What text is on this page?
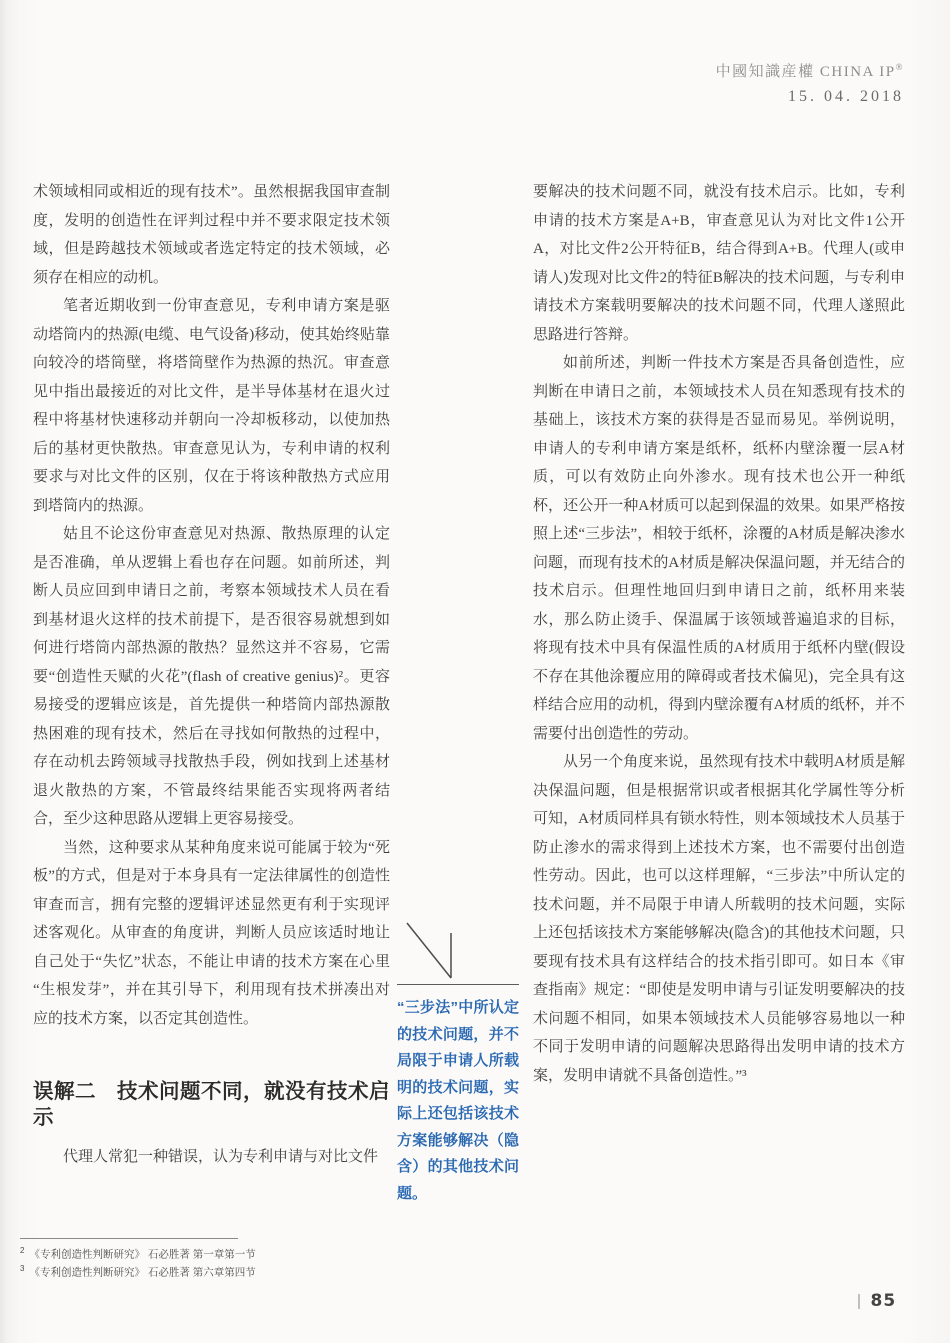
中國知識産權 CHINA IP®
15. 04. 2018

术领域相同或相近的现有技术”。虽然根据我国审查制度，发明的创造性在评判过程中并不要求限定技术领域，但是跨越技术领域或者选定特定的技术领域，必须存在相应的动机。

笔者近期收到一份审查意见，专利申请方案是驱动塔筒内的热源(电缆、电气设备)移动，使其始终贴靠向较冷的塔筒壁，将塔筒壁作为热源的热沉。审查意见中指出最接近的对比文件，是半导体基材在退火过程中将基材快速移动并朝向一冷却板移动，以使加热后的基材更快散热。审查意见认为，专利申请的权利要求与对比文件的区别，仅在于将该种散热方式应用到塔筒内的热源。

姑且不论这份审查意见对热源、散热原理的认定是否准确，单从逻辑上看也存在问题。如前所述，判断人员应回到申请日之前，考察本领域技术人员在看到基材退火这样的技术前提下，是否很容易就想到如何进行塔筒内部热源的散热？显然这并不容易，它需要“创造性天赋的火花”(flash of creative genius)²。更容易接受的逻辑应该是，首先提供一种塔筒内部热源散热困难的现有技术，然后在寻找如何散热的过程中，存在动机去跨领域寻找散热手段，例如找到上述基材退火散热的方案，不管最终结果能否实现将两者结合，至少这种思路从逻辑上更容易接受。

当然，这种要求从某种角度来说可能属于较为“死板”的方式，但是对于本身具有一定法律属性的创造性审查而言，拥有完整的逻辑评述显然更有利于实现评述客观化。从审查的角度讲，判断人员应该适时地让自己处于“失忆”状态，不能让申请的技术方案在心里“生根发芽”，并在其引导下，利用现有技术拼凑出对应的技术方案，以否定其创造性。

误解二　技术问题不同，就没有技术启示

代理人常犯一种错误，认为专利申请与对比文件

“三步法”中所认定的技术问题，并不局限于申请人所载明的技术问题，实际上还包括该技术方案能够解决（隐含）的其他技术问题。

要解决的技术问题不同，就没有技术启示。比如，专利申请的技术方案是A+B，审查意见认为对比文件1公开A，对比文件2公开特征B，结合得到A+B。代理人(或申请人)发现对比文件2的特征B解决的技术问题，与专利申请技术方案载明要解决的技术问题不同，代理人遂照此思路进行答辩。

如前所述，判断一件技术方案是否具备创造性，应判断在申请日之前，本领域技术人员在知悉现有技术的基础上，该技术方案的获得是否显而易见。举例说明，申请人的专利申请方案是纸杯，纸杯内壁涂覆一层A材质，可以有效防止向外渗水。现有技术也公开一种纸杯，还公开一种A材质可以起到保温的效果。如果严格按照上述“三步法”，相较于纸杯，涂覆的A材质是解决渗水问题，而现有技术的A材质是解决保温问题，并无结合的技术启示。但理性地回归到申请日之前，纸杯用来装水，那么防止烫手、保温属于该领域普遍追求的目标，将现有技术中具有保温性质的A材质用于纸杯内壁(假设不存在其他涂覆应用的障碍或者技术偏见)，完全具有这样结合应用的动机，得到内壁涂覆有A材质的纸杯，并不需要付出创造性的劳动。

从另一个角度来说，虽然现有技术中载明A材质是解决保温问题，但是根据常识或者根据其化学属性等分析可知，A材质同样具有锁水特性，则本领域技术人员基于防止渗水的需求得到上述技术方案，也不需要付出创造性劳动。因此，也可以这样理解，“三步法”中所认定的技术问题，并不局限于申请人所载明的技术问题，实际上还包括该技术方案能够解决(隐含)的其他技术问题，只要现有技术具有这样结合的技术指引即可。如日本《审查指南》规定：“即使是发明申请与引证发明要解决的技术问题不相同，如果本领域技术人员能够容易地以一种不同于发明申请的问题解决思路得出发明申请的技术方案，发明申请就不具备创造性。”³

$^2$ 《专利创造性判断研究》 石必胜著 第一章第一节
$^3$ 《专利创造性判断研究》 石必胜著 第六章第四节
85
